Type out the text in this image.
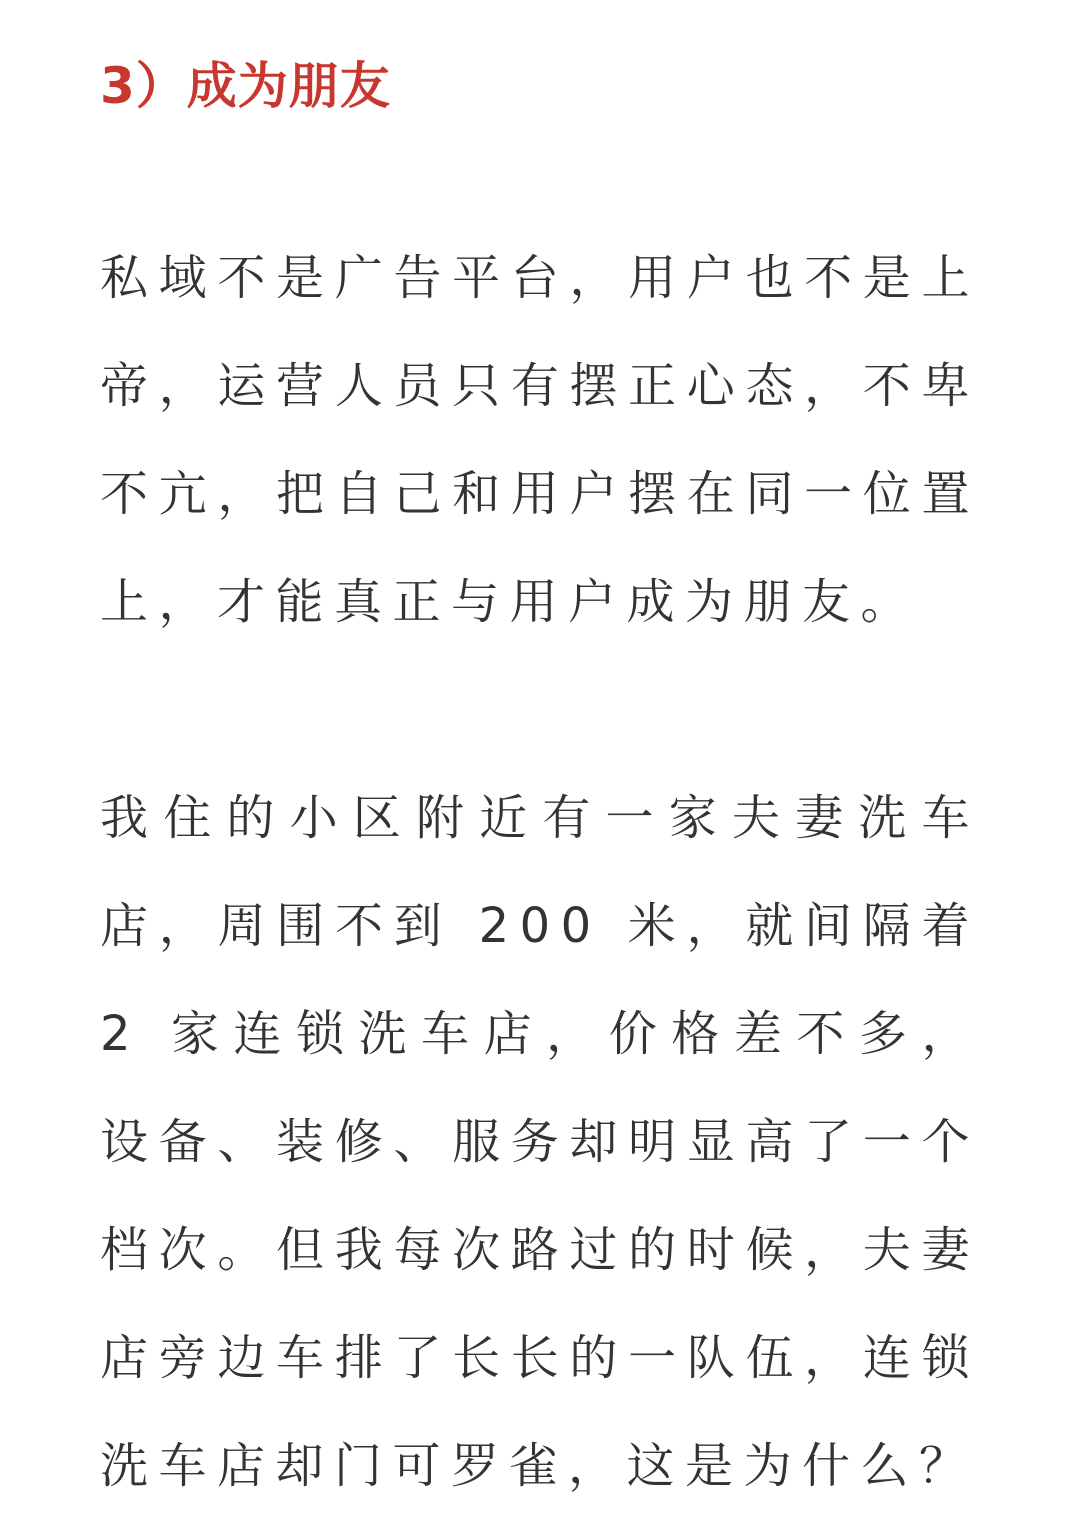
3）成为朋友

私域不是广告平台，用户也不是上帝，运营人员只有摆正心态，不卑不亢，把自己和用户摆在同一位置上，才能真正与用户成为朋友。

我住的小区附近有一家夫妻洗车店，周围不到 200 米，就间隔着 2 家连锁洗车店，价格差不多，设备、装修、服务却明显高了一个档次。但我每次路过的时候，夫妻店旁边车排了长长的一队伍，连锁洗车店却门可罗雀，这是为什么？
